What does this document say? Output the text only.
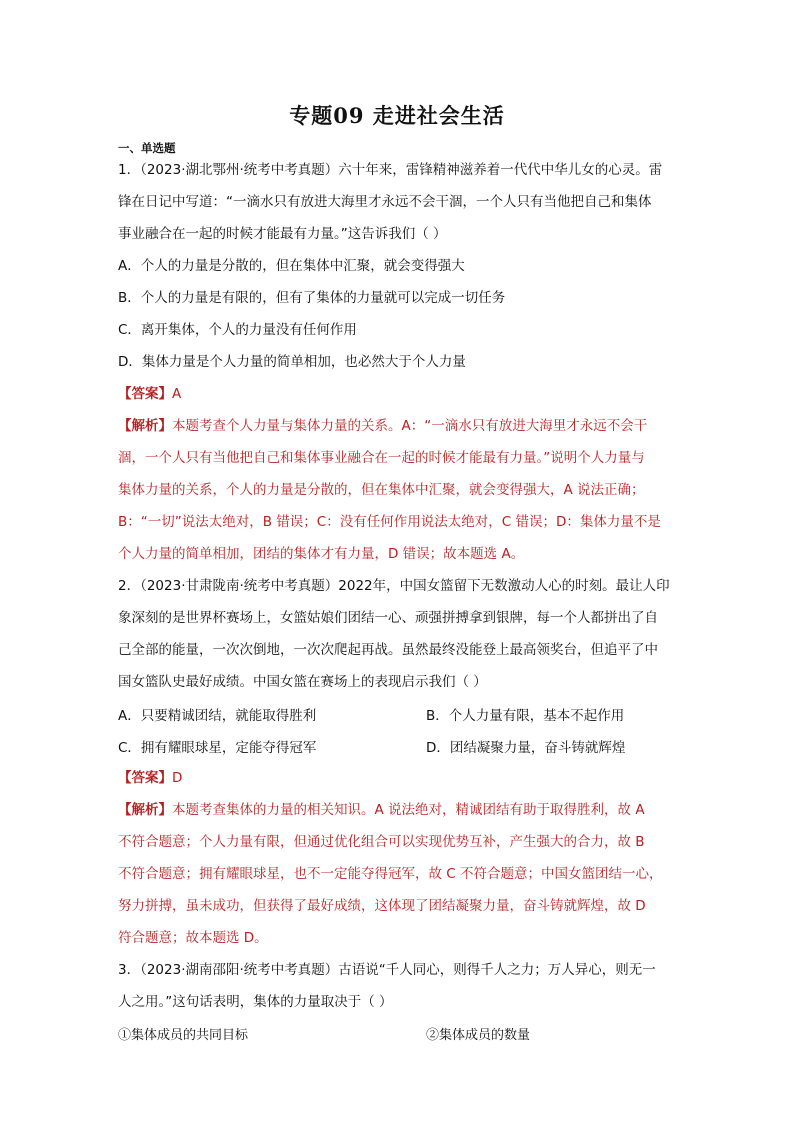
专题09 走进社会生活
一、单选题
1．（2023·湖北鄂州·统考中考真题）六十年来，雷锋精神滋养着一代代中华儿女的心灵。雷
锋在日记中写道：“一滴水只有放进大海里才永远不会干涸，一个人只有当他把自己和集体
事业融合在一起的时候才能最有力量。”这告诉我们（ ）
A．个人的力量是分散的，但在集体中汇聚，就会变得强大
B．个人的力量是有限的，但有了集体的力量就可以完成一切任务
C．离开集体，个人的力量没有任何作用
D．集体力量是个人力量的简单相加，也必然大于个人力量
【答案】A
【解析】本题考查个人力量与集体力量的关系。A：“一滴水只有放进大海里才永远不会干
涸，一个人只有当他把自己和集体事业融合在一起的时候才能最有力量。”说明个人力量与
集体力量的关系，个人的力量是分散的，但在集体中汇聚，就会变得强大，A 说法正确；
B：“一切”说法太绝对，B 错误；C：没有任何作用说法太绝对，C 错误；D：集体力量不是
个人力量的简单相加，团结的集体才有力量，D 错误；故本题选 A。
2．（2023·甘肃陇南·统考中考真题）2022年，中国女篮留下无数激动人心的时刻。最让人印
象深刻的是世界杯赛场上，女篮姑娘们团结一心、顽强拼搏拿到银牌，每一个人都拼出了自
己全部的能量，一次次倒地，一次次爬起再战。虽然最终没能登上最高领奖台，但追平了中
国女篮队史最好成绩。中国女篮在赛场上的表现启示我们（ ）
A．只要精诚团结，就能取得胜利	B．个人力量有限，基本不起作用
C．拥有耀眼球星，定能夺得冠军	D．团结凝聚力量，奋斗铸就辉煌
【答案】D
【解析】本题考查集体的力量的相关知识。A 说法绝对，精诚团结有助于取得胜利，故 A
不符合题意；个人力量有限，但通过优化组合可以实现优势互补，产生强大的合力，故 B
不符合题意；拥有耀眼球星，也不一定能夺得冠军，故 C 不符合题意；中国女篮团结一心，
努力拼搏，虽未成功，但获得了最好成绩，这体现了团结凝聚力量，奋斗铸就辉煌，故 D
符合题意；故本题选 D。
3．（2023·湖南邵阳·统考中考真题）古语说“千人同心，则得千人之力；万人异心，则无一
人之用。”这句话表明，集体的力量取决于（ ）
①集体成员的共同目标	②集体成员的数量
